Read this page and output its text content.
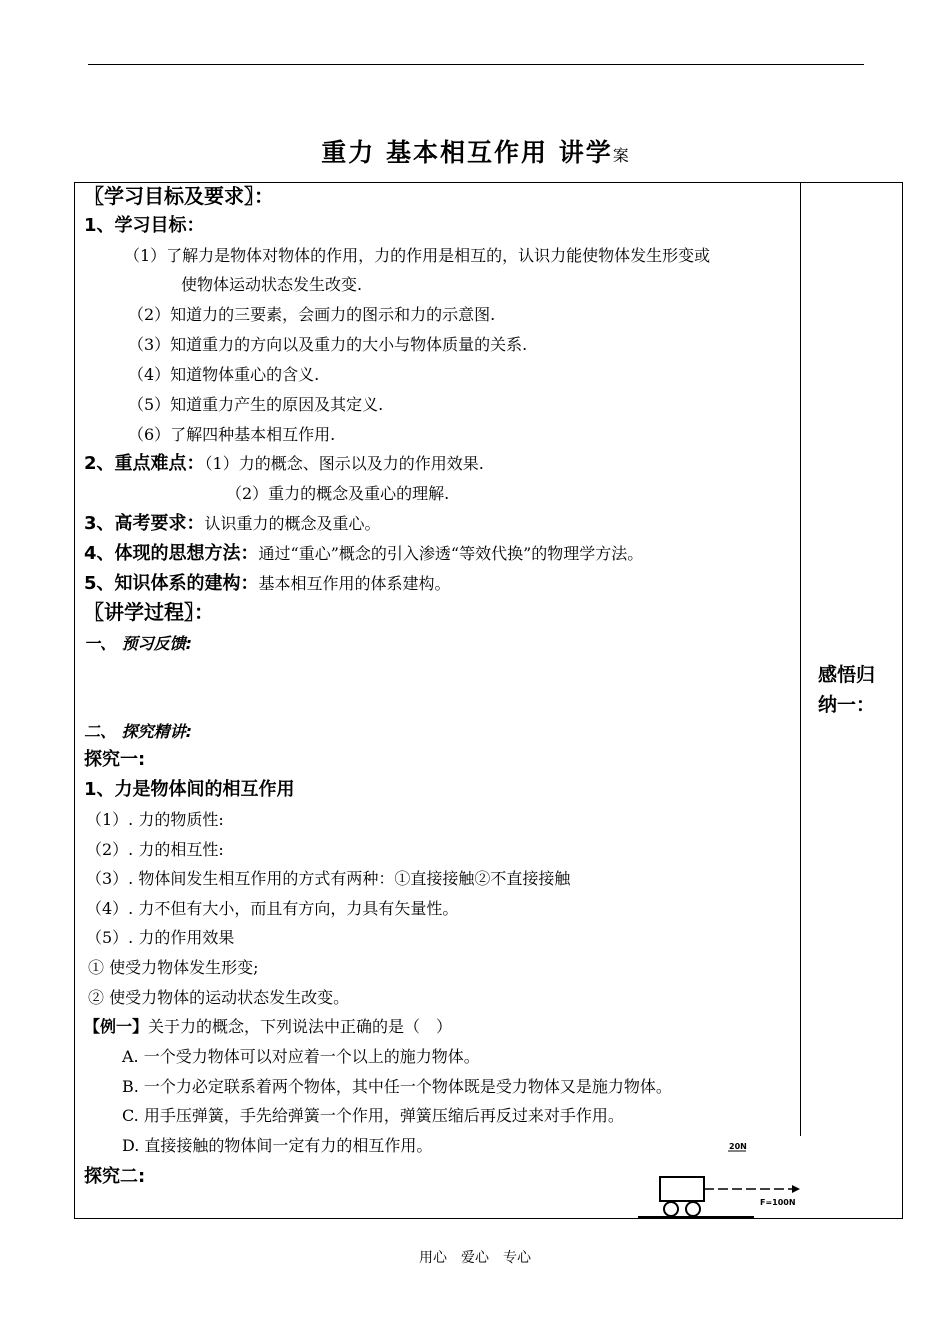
重力 基本相互作用 讲学案
〖学习目标及要求〗：
1、学习目标：
（1）了解力是物体对物体的作用，力的作用是相互的，认识力能使物体发生形变或
使物体运动状态发生改变.
（2）知道力的三要素，会画力的图示和力的示意图.
（3）知道重力的方向以及重力的大小与物体质量的关系.
（4）知道物体重心的含义.
（5）知道重力产生的原因及其定义.
（6）了解四种基本相互作用.
2、重点难点：（1）力的概念、图示以及力的作用效果.
（2）重力的概念及重心的理解.
3、高考要求：认识重力的概念及重心。
4、体现的思想方法：通过“重心”概念的引入渗透“等效代换”的物理学方法。
5、知识体系的建构：基本相互作用的体系建构。
〖讲学过程〗：
一、 预习反馈:
二、 探究精讲:
探究一:
1、力是物体间的相互作用
（1）. 力的物质性:
（2）. 力的相互性:
（3）. 物体间发生相互作用的方式有两种：①直接接触②不直接接触
（4）. 力不但有大小，而且有方向，力具有矢量性。
（5）. 力的作用效果
① 使受力物体发生形变;
② 使受力物体的运动状态发生改变。
【例一】关于力的概念，下列说法中正确的是（　）
A. 一个受力物体可以对应着一个以上的施力物体。
B. 一个力必定联系着两个物体，其中任一个物体既是受力物体又是施力物体。
C. 用手压弹簧，手先给弹簧一个作用，弹簧压缩后再反过来对手作用。
D. 直接接触的物体间一定有力的相互作用。
探究二:
感悟归
纳一：
20N
F=100N
用心　爱心　专心
